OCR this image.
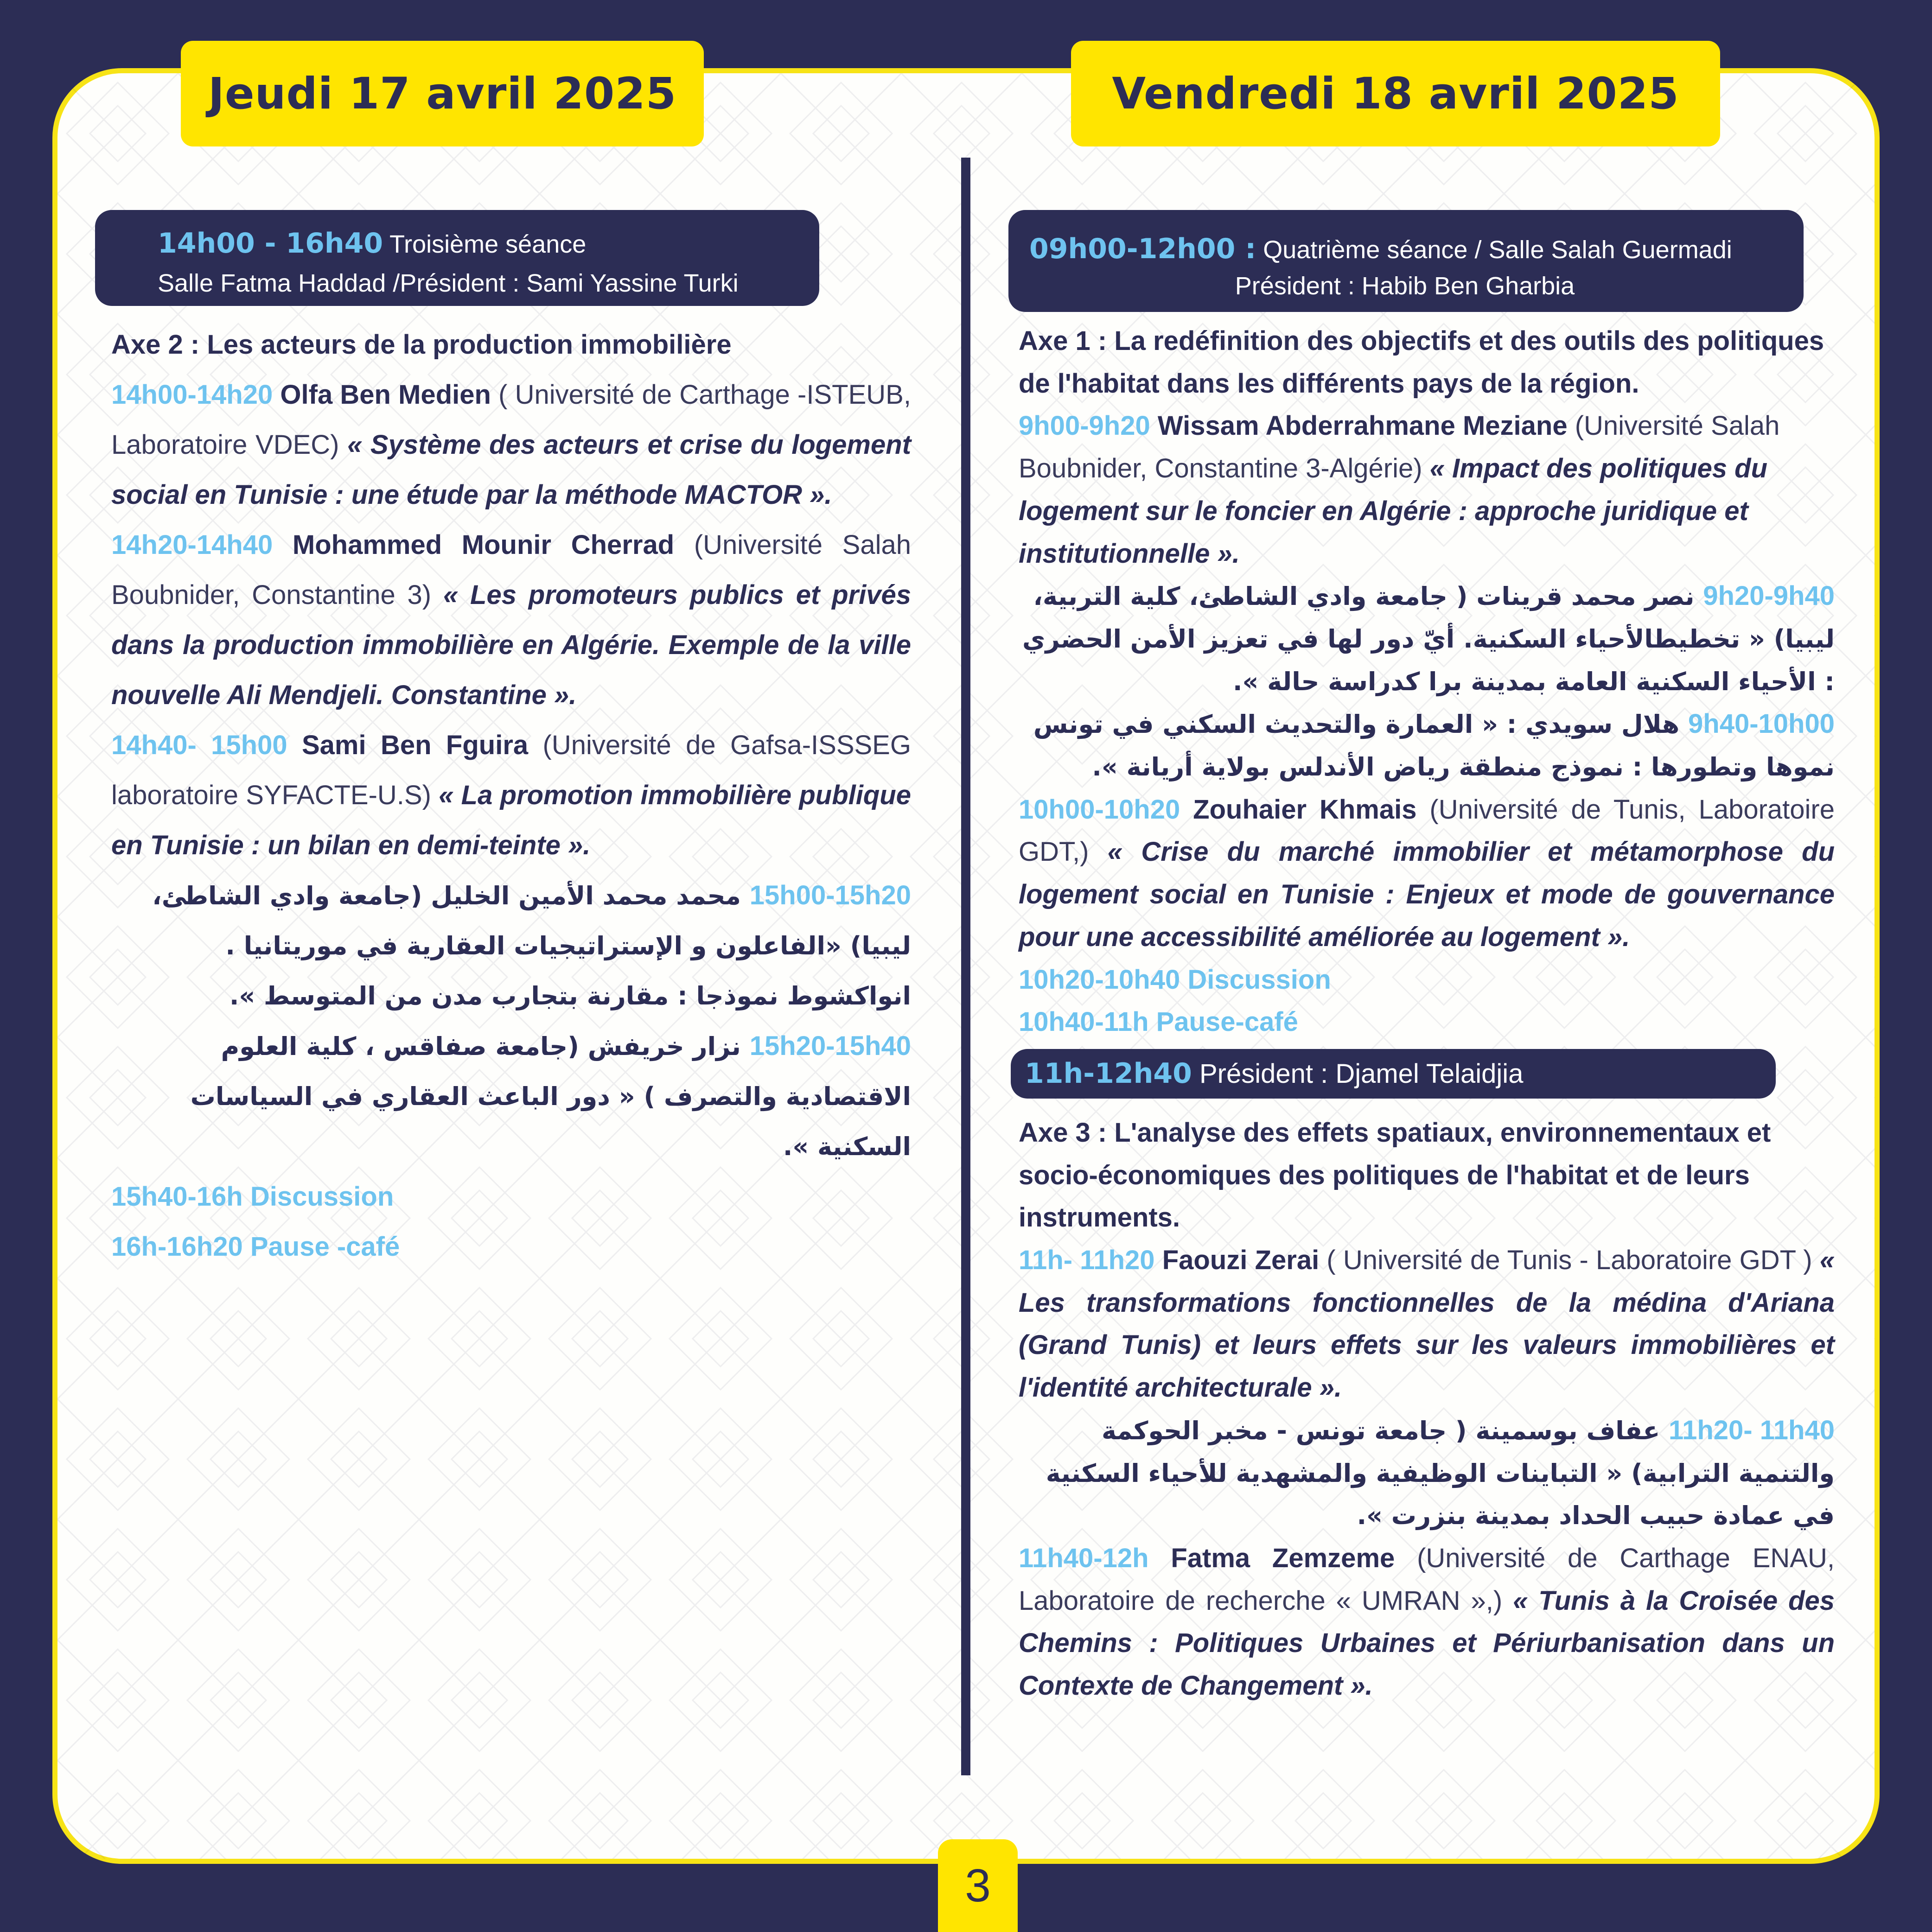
Jeudi 17 avril 2025	Vendredi 18 avril 2025
14h00 - 16h40 Troisième séance
Salle Fatma Haddad /Président : Sami Yassine Turki
09h00-12h00 : Quatrième séance / Salle Salah Guermadi

Président : Habib Ben Gharbia
Axe 2 : Les acteurs de la production immobilière
14h00-14h20 Olfa Ben Medien ( Université de Carthage -ISTEUB, Laboratoire VDEC) « Système des acteurs et crise du logement social en Tunisie : une étude par la méthode MACTOR ».
14h20-14h40 Mohammed Mounir Cherrad (Université Salah Boubnider, Constantine 3) « Les promoteurs publics et privés dans la production immobilière en Algérie. Exemple de la ville nouvelle Ali Mendjeli. Constantine ».
14h40- 15h00 Sami Ben Fguira (Université de Gafsa-ISSSEG laboratoire SYFACTE-U.S) « La promotion immobilière publique en Tunisie : un bilan en demi-teinte ».
15h00-15h20 محمد محمد الأمين الخليل (جامعة وادي الشاطئ، ليبيا) «الفاعلون و الإستراتيجيات العقارية في موريتانيا . انواكشوط نموذجا : مقارنة بتجارب مدن من المتوسط ».
15h20-15h40 نزار خريفش (جامعة صفاقس ، كلية العلوم الاقتصادية والتصرف ) « دور الباعث العقاري في السياسات السكنية ».
15h40-16h Discussion
16h-16h20 Pause -café
Axe 1 : La redéfinition des objectifs et des outils des politiques de l'habitat dans les différents pays de la région.
9h00-9h20 Wissam Abderrahmane Meziane (Université Salah Boubnider, Constantine 3-Algérie) « Impact des politiques du logement sur le foncier en Algérie : approche juridique et institutionnelle ».
9h20-9h40 نصر محمد قرينات ( جامعة وادي الشاطئ، كلية التربية، ليبيا) « تخطيطالأحياء السكنية. أيّ دور لها في تعزيز الأمن الحضري : الأحياء السكنية العامة بمدينة برا كدراسة حالة ».
9h40-10h00 هلال سويدي : « العمارة والتحديث السكني في تونس نموها وتطورها : نموذج منطقة رياض الأندلس بولاية أريانة ».
10h00-10h20 Zouhaier Khmais (Université de Tunis, Laboratoire GDT,) « Crise du marché immobilier et métamorphose du logement social en Tunisie : Enjeux et mode de gouvernance pour une accessibilité améliorée au logement ».
10h20-10h40 Discussion
10h40-11h Pause-café
11h-12h40 Président : Djamel Telaidjia
Axe 3 : L'analyse des effets spatiaux, environnementaux et socio-économiques des politiques de l'habitat et de leurs instruments.
11h- 11h20 Faouzi Zerai ( Université de Tunis - Laboratoire GDT ) « Les transformations fonctionnelles de la médina d'Ariana (Grand Tunis) et leurs effets sur les valeurs immobilières et l'identité architecturale ».
11h20- 11h40 عفاف بوسمينة ( جامعة تونس - مخبر الحوكمة والتنمية الترابية) « التباينات الوظيفية والمشهدية للأحياء السكنية في عمادة حبيب الحداد بمدينة بنزرت ».
11h40-12h Fatma Zemzeme (Université de Carthage ENAU, Laboratoire de recherche « UMRAN »,) « Tunis à la Croisée des Chemins : Politiques Urbaines et Périurbanisation dans un Contexte de Changement ».
3
